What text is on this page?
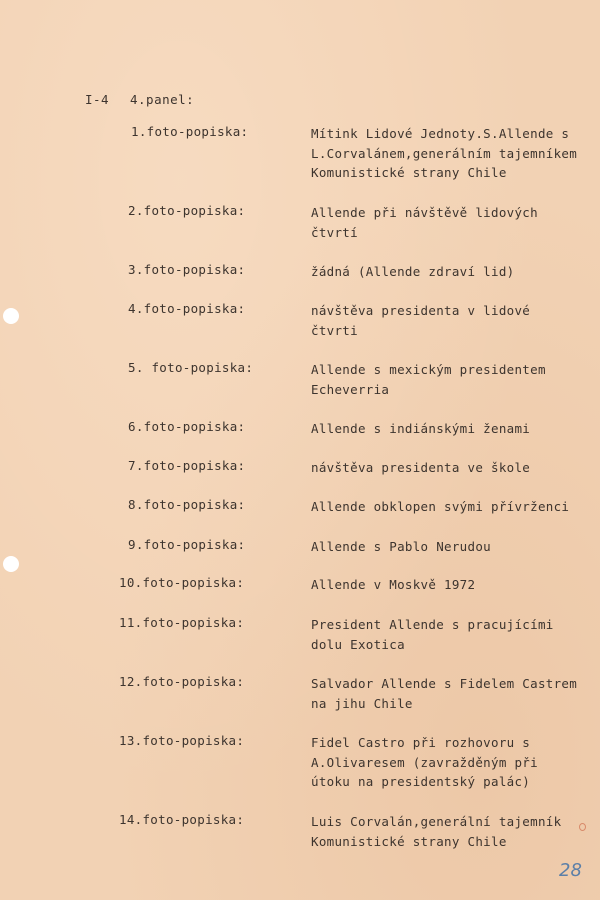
I-4 4.panel:
1.foto-popiska:	Mítink Lidové Jednoty.S.Allende s
L.Corvalánem,generálním tajemníkem
Komunistické strany Chile
2.foto-popiska:	Allende při návštěvě lidových
čtvrtí
3.foto-popiska:	žádná (Allende zdraví lid)
4.foto-popiska:	návštěva presidenta v lidové
čtvrti
5. foto-popiska:	Allende s mexickým presidentem
Echeverria
6.foto-popiska:	Allende s indiánskými ženami
7.foto-popiska:	návštěva presidenta ve škole
8.foto-popiska:	Allende obklopen svými přívrženci
9.foto-popiska:	Allende s Pablo Nerudou
10.foto-popiska:	Allende v Moskvě 1972
11.foto-popiska:	President Allende s pracujícími
dolu Exotica
12.foto-popiska:	Salvador Allende s Fidelem Castrem
na jihu Chile
13.foto-popiska:	Fidel Castro při rozhovoru s
A.Olivaresem (zavražděným při
útoku na presidentský palác)
14.foto-popiska:	Luis Corvalán,generální tajemník
Komunistické strany Chile
28
